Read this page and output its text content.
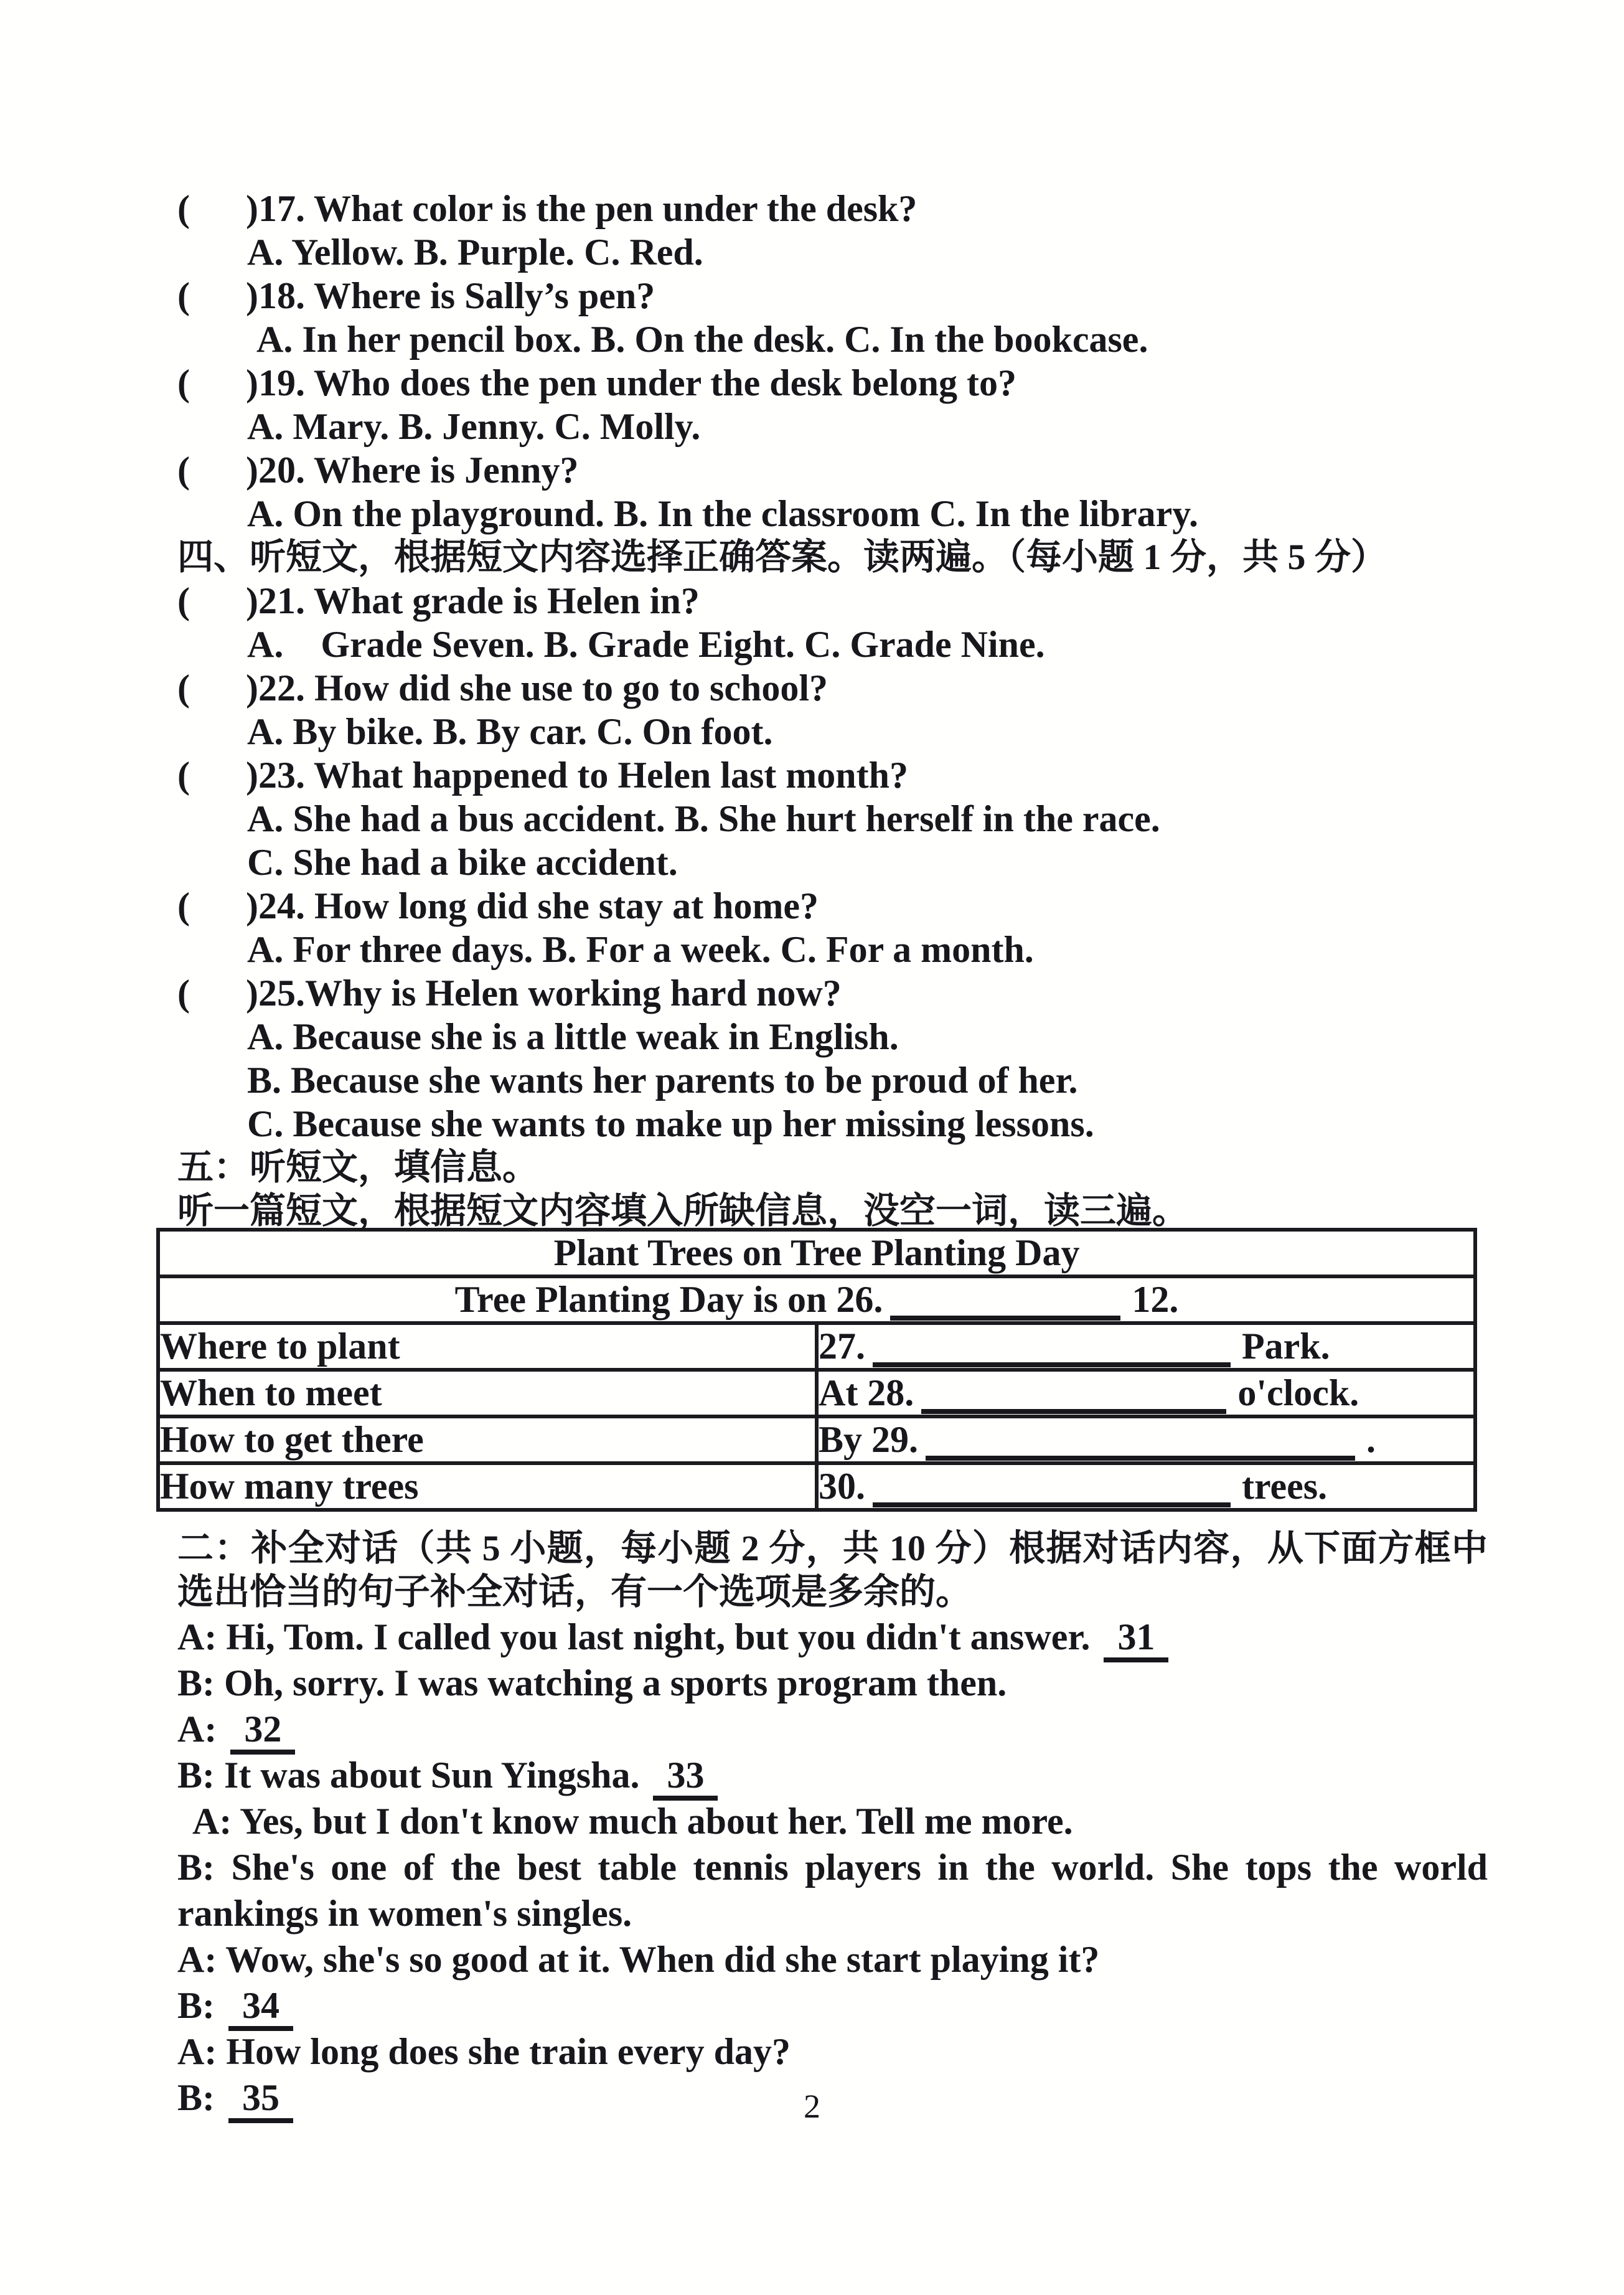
(      )17. What color is the pen under the desk?

A. Yellow. B. Purple. C. Red.

(      )18. Where is Sally’s pen?

A. In her pencil box. B. On the desk. C. In the bookcase.

(      )19. Who does the pen under the desk belong to?

A. Mary. B. Jenny. C. Molly.

(      )20. Where is Jenny?

A. On the playground. B. In the classroom C. In the library.

四、听短文，根据短文内容选择正确答案。读两遍。（每小题 1 分，共 5 分）

(      )21. What grade is Helen in?

A.    Grade Seven. B. Grade Eight. C. Grade Nine.

(      )22. How did she use to go to school?

A. By bike. B. By car. C. On foot.

(      )23. What happened to Helen last month?

A. She had a bus accident. B. She hurt herself in the race.

C. She had a bike accident.

(      )24. How long did she stay at home?

A. For three days. B. For a week. C. For a month.

(      )25.Why is Helen working hard now?

A. Because she is a little weak in English.

B. Because she wants her parents to be proud of her.

C. Because she wants to make up her missing lessons.

五：听短文，填信息。

听一篇短文，根据短文内容填入所缺信息，没空一词，读三遍。

Plant Trees on Tree Planting Day	
Tree Planting Day is on 26. 12.	
Where to plant	27. Park.
When to meet	At 28. o'clock.
How to get there	By 29. .
How many trees	30. trees.

二：补全对话（共 5 小题，每小题 2 分，共 10 分）根据对话内容，从下面方框中选出恰当的句子补全对话，有一个选项是多余的。

A: Hi, Tom. I called you last night, but you didn't answer. 31

B: Oh, sorry. I was watching a sports program then.

A: 32

B: It was about Sun Yingsha. 33

A: Yes, but I don't know much about her. Tell me more.

B: She's one of the best table tennis players in the world. She tops the world rankings in women's singles.

A: Wow, she's so good at it. When did she start playing it?

B: 34

A: How long does she train every day?

B: 35	2
